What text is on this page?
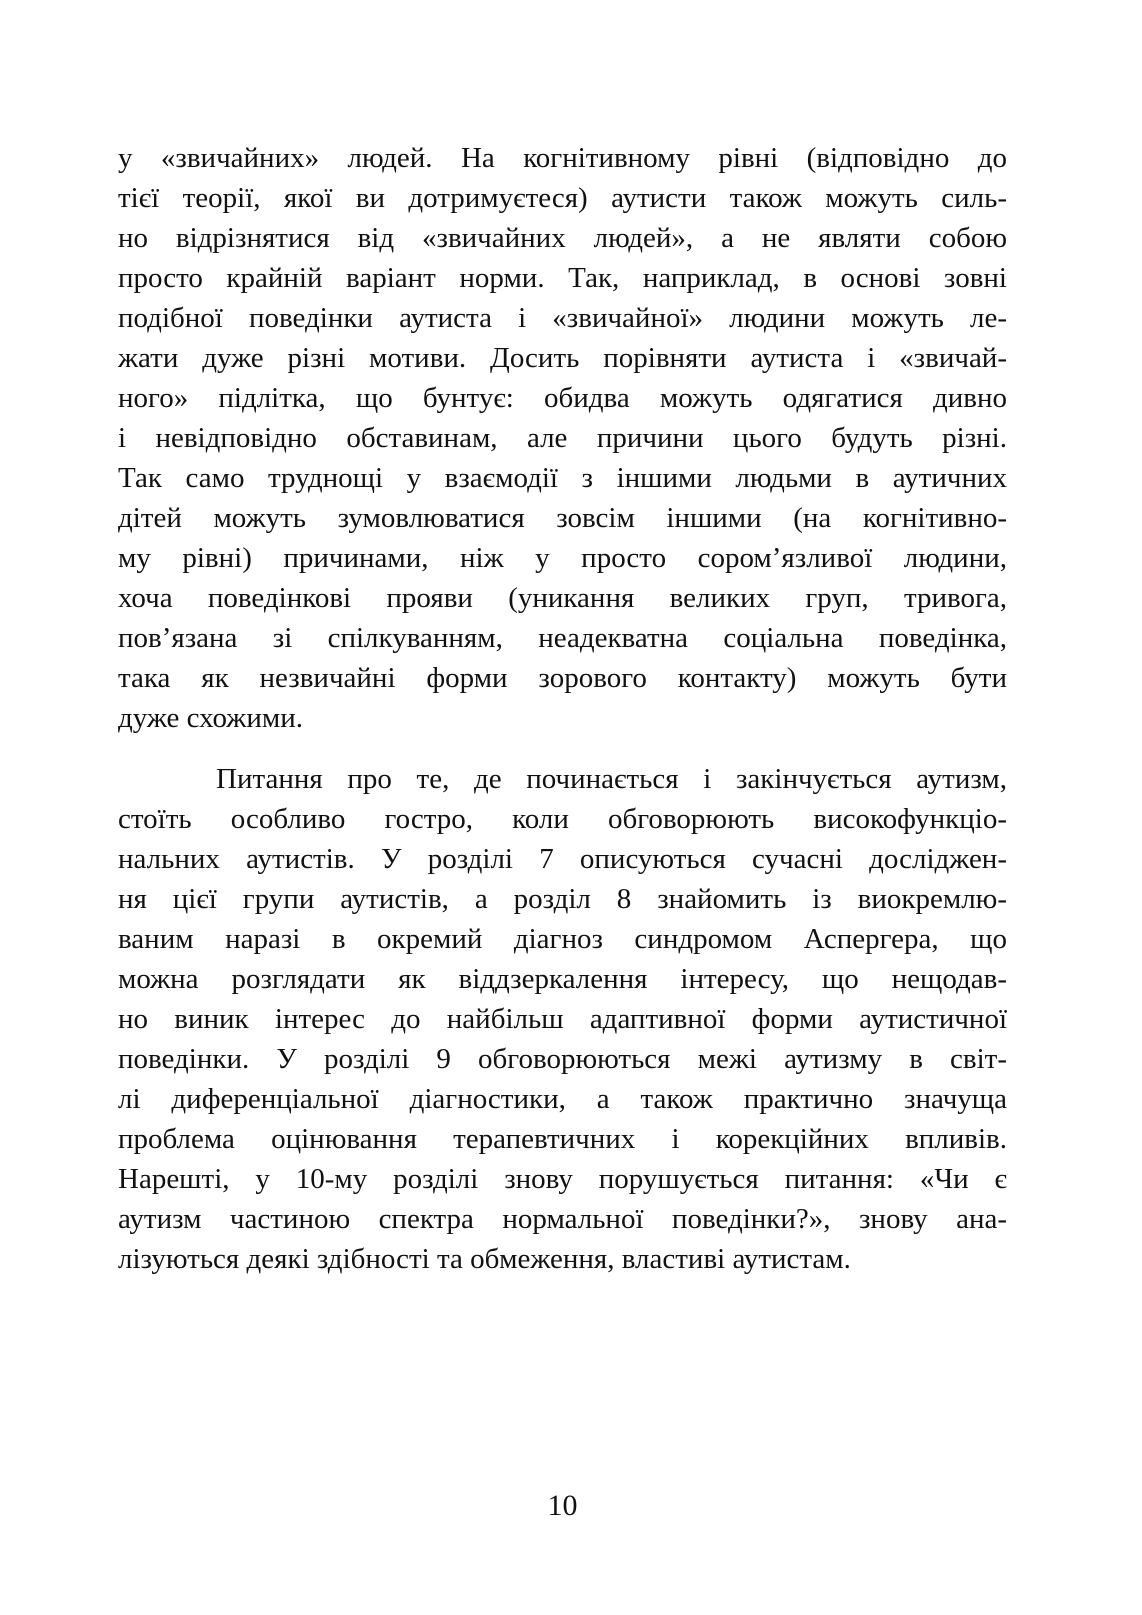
у «звичайних» людей. На когнітивному рівні (відповідно до
тієї теорії, якої ви дотримуєтеся) аутисти також можуть силь-
но відрізнятися від «звичайних людей», а не являти собою
просто крайній варіант норми. Так, наприклад, в основі зовні
подібної поведінки аутиста і «звичайної» людини можуть ле-
жати дуже різні мотиви. Досить порівняти аутиста і «звичай-
ного» підлітка, що бунтує: обидва можуть одягатися дивно
і невідповідно обставинам, але причини цього будуть різні.
Так само труднощі у взаємодії з іншими людьми в аутичних
дітей можуть зумовлюватися зовсім іншими (на когнітивно-
му рівні) причинами, ніж у просто сором’язливої людини,
хоча поведінкові прояви (уникання великих груп, тривога,
пов’язана зі спілкуванням, неадекватна соціальна поведінка,
така як незвичайні форми зорового контакту) можуть бути
дуже схожими.
Питання про те, де починається і закінчується аутизм,
стоїть особливо гостро, коли обговорюють високофункціо-
нальних аутистів. У розділі 7 описуються сучасні досліджен-
ня цієї групи аутистів, а розділ 8 знайомить із виокремлю-
ваним наразі в окремий діагноз синдромом Аспергера, що
можна розглядати як віддзеркалення інтересу, що нещодав-
но виник інтерес до найбільш адаптивної форми аутистичної
поведінки. У розділі 9 обговорюються межі аутизму в світ-
лі диференціальної діагностики, а також практично значуща
проблема оцінювання терапевтичних і корекційних впливів.
Нарешті, у 10-му розділі знову порушується питання: «Чи є
аутизм частиною спектра нормальної поведінки?», знову ана-
лізуються деякі здібності та обмеження, властиві аутистам.
10
